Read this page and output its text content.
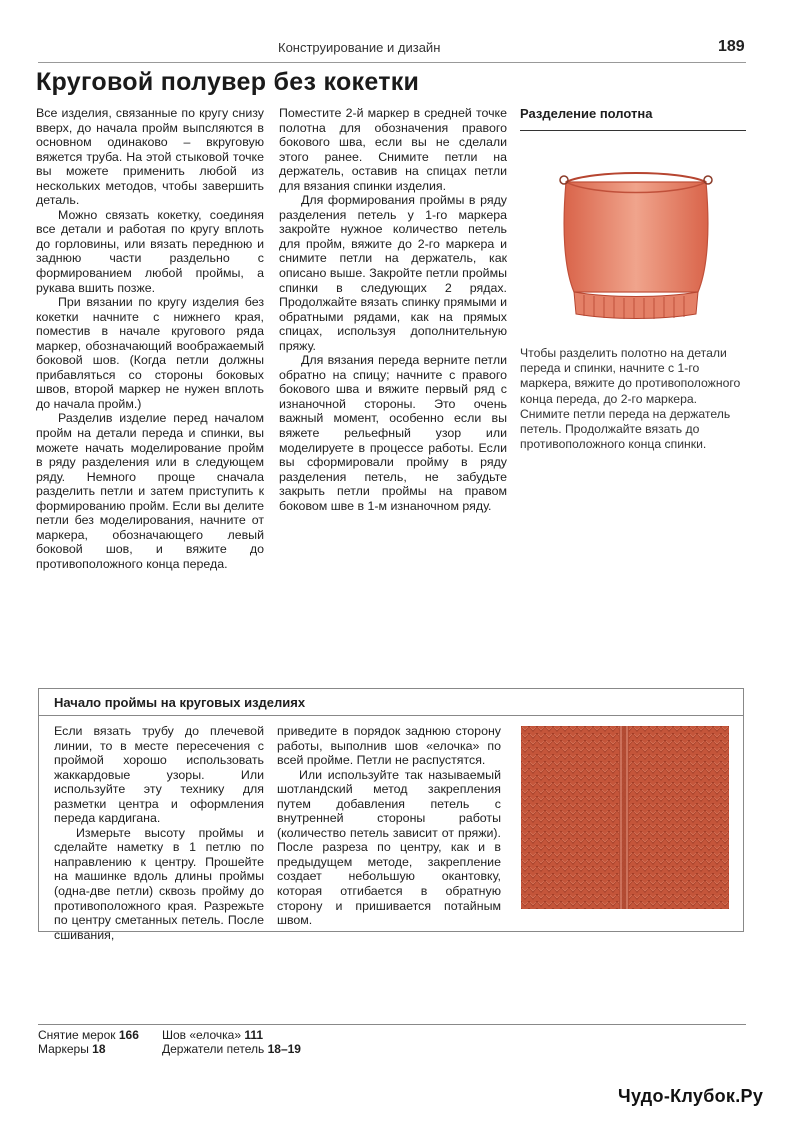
Конструирование и дизайн	189
Круговой полувер без кокетки

Все изделия, связанные по кругу снизу вверх, до начала пройм выпсляются в основном одинаково – вкруговую вяжется труба. На этой стыковой точке вы можете применить любой из нескольких методов, чтобы завершить деталь.

Можно связать кокетку, соединяя все детали и работая по кругу вплоть до горловины, или вязать переднюю и заднюю части раздельно с формированием любой проймы, а рукава вшить позже.

При вязании по кругу изделия без кокетки начните с нижнего края, поместив в начале кругового ряда маркер, обозначающий воображаемый боковой шов. (Когда петли должны прибавляться со стороны боковых швов, второй маркер не нужен вплоть до начала пройм.)

Разделив изделие перед началом пройм на детали переда и спинки, вы можете начать моделирование пройм в ряду разделения или в следующем ряду. Немного проще сначала разделить петли и затем приступить к формированию пройм. Если вы делите петли без моделирования, начните от маркера, обозначающего левый боковой шов, и вяжите до противоположного конца переда.

Поместите 2-й маркер в средней точке полотна для обозначения правого бокового шва, если вы не сделали этого ранее. Снимите петли на держатель, оставив на спицах петли для вязания спинки изделия.

Для формирования проймы в ряду разделения петель у 1-го маркера закройте нужное количество петель для пройм, вяжите до 2-го маркера и снимите петли на держатель, как описано выше. Закройте петли проймы спинки в следующих 2 рядах. Продолжайте вязать спинку прямыми и обратными рядами, как на прямых спицах, используя дополнительную пряжу.

Для вязания переда верните петли обратно на спицу; начните с правого бокового шва и вяжите первый ряд с изнаночной стороны. Это очень важный момент, особенно если вы вяжете рельефный узор или моделируете в процессе работы. Если вы сформировали пройму в ряду разделения петель, не забудьте закрыть петли проймы на правом боковом шве в 1-м изнаночном ряду.

Разделение полотна
Чтобы разделить полотно на детали переда и спинки, начните с 1-го маркера, вяжите до противоположного конца переда, до 2-го маркера. Снимите петли переда на держатель петель. Продолжайте вязать до противоположного конца спинки.
Начало проймы на круговых изделиях

Если вязать трубу до плечевой линии, то в месте пересечения с проймой хорошо использовать жаккардовые узоры. Или используйте эту технику для разметки центра и оформления переда кардигана.

Измерьте высоту проймы и сделайте наметку в 1 петлю по направлению к центру. Прошейте на машинке вдоль длины проймы (одна-две петли) сквозь пройму до противоположного края. Разрежьте по центру сметанных петель. После сшивания,

приведите в порядок заднюю сторону работы, выполнив шов «елочка» по всей пройме. Петли не распустятся.

Или используйте так называемый шотландский метод закрепления путем добавления петель с внутренней стороны работы (количество петель зависит от пряжи). После разреза по центру, как и в предыдущем методе, закрепление создает небольшую окантовку, которая отгибается в обратную сторону и пришивается потайным швом.

Снятие мерок 166
Маркеры 18
Шов «елочка» 111
Держатели петель 18–19
Чудо-Клубок.Ру
